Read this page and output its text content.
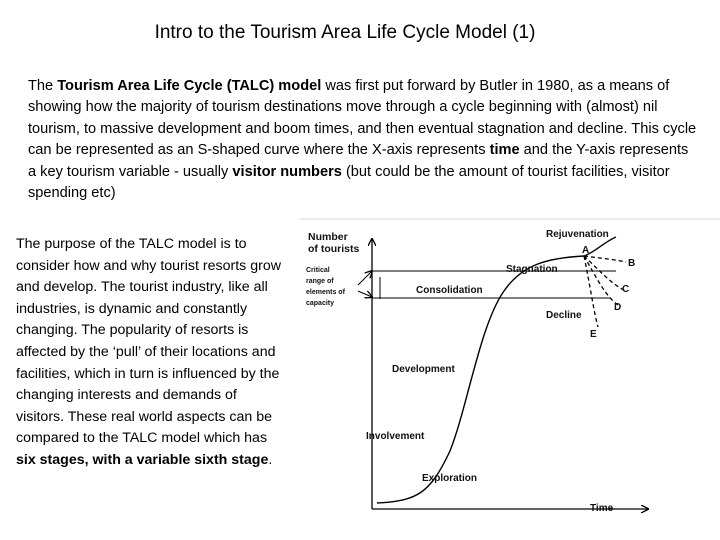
Intro to the Tourism Area Life Cycle Model (1)

The Tourism Area Life Cycle (TALC) model was first put forward by Butler in 1980, as a means of showing how the majority of tourism destinations move through a cycle beginning with (almost) nil tourism, to massive development and boom times, and then eventual stagnation and decline. This cycle can be represented as an S-shaped curve where the X-axis represents time and the Y-axis represents a key tourism variable - usually visitor numbers (but could be the amount of tourist facilities, visitor spending etc)

The purpose of the TALC model is to consider how and why tourist resorts grow and develop. The tourist industry, like all industries, is dynamic and constantly changing. The popularity of resorts is affected by the ‘pull’ of their locations and facilities, which in turn is influenced by the changing interests and demands of visitors. These real world aspects can be compared to the TALC model which has six stages, with a variable sixth stage.

Number
of tourists
Time
Critical
range of
elements of
capacity
Exploration
Involvement
Development
Consolidation
Stagnation
Rejuvenation
Decline
A
B
C
D
E
